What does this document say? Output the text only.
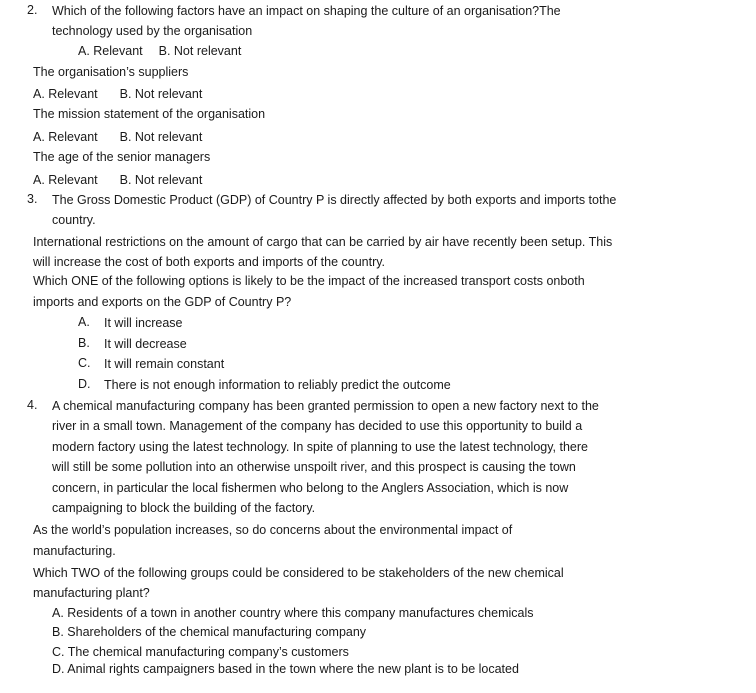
2. Which of the following factors have an impact on shaping the culture of an organisation?The
technology used by the organisation
A. Relevant B. Not relevant
The organisation’s suppliers
A. Relevant B. Not relevant
The mission statement of the organisation
A. Relevant B. Not relevant
The age of the senior managers
A. Relevant B. Not relevant
3. The Gross Domestic Product (GDP) of Country P is directly affected by both exports and imports tothe
country.
International restrictions on the amount of cargo that can be carried by air have recently been setup. This
will increase the cost of both exports and imports of the country.
Which ONE of the following options is likely to be the impact of the increased transport costs onboth
imports and exports on the GDP of Country P?
A. It will increase
B. It will decrease
C. It will remain constant
D. There is not enough information to reliably predict the outcome
4. A chemical manufacturing company has been granted permission to open a new factory next to the
river in a small town. Management of the company has decided to use this opportunity to build a
modern factory using the latest technology. In spite of planning to use the latest technology, there
will still be some pollution into an otherwise unspoilt river, and this prospect is causing the town
concern, in particular the local fishermen who belong to the Anglers Association, which is now
campaigning to block the building of the factory.
As the world’s population increases, so do concerns about the environmental impact of
manufacturing.
Which TWO of the following groups could be considered to be stakeholders of the new chemical
manufacturing plant?
A. Residents of a town in another country where this company manufactures chemicals
B. Shareholders of the chemical manufacturing company
C. The chemical manufacturing company’s customers
D. Animal rights campaigners based in the town where the new plant is to be located
